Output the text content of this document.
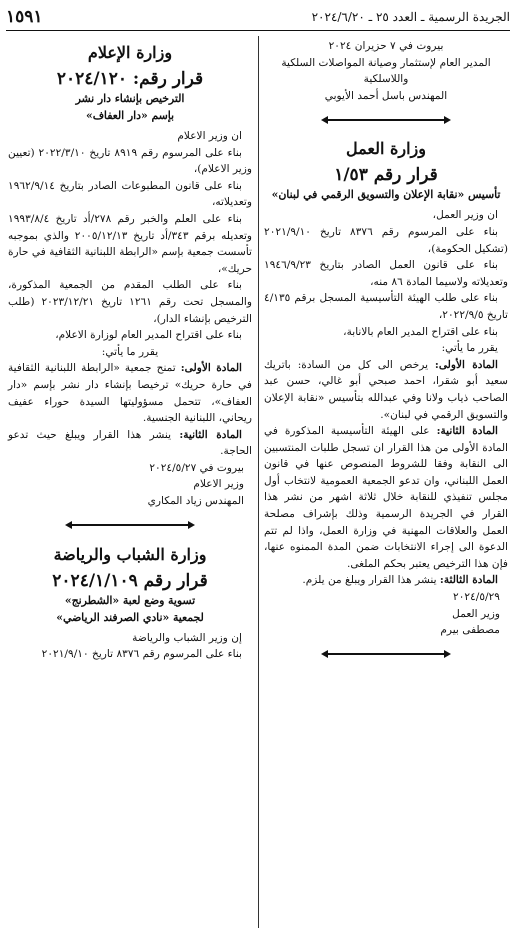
الجريدة الرسمية ـ العدد ٢٥ ـ ٢٠٢٤/٦/٢٠
١٥٩١

بيروت في ٧ حزيران ٢٠٢٤

المدير العام لإستثمار وصيانة المواصلات السلكية واللاسلكية

المهندس باسل أحمد الأيوبي

وزارة العمل

قرار رقم ١/٥٣

تأسيس «نقابة الإعلان والتسويق الرقمي في لبنان»

ان وزير العمل،

بناء على المرسوم رقم ٨٣٧٦ تاريخ ٢٠٢١/٩/١٠ (تشكيل الحكومة)،

بناء على قانون العمل الصادر بتاريخ ١٩٤٦/٩/٢٣ وتعديلاته ولاسيما المادة ٨٦ منه،

بناء على طلب الهيئة التأسيسية المسجل برقم ٤/١٣٥ تاريخ ٢٠٢٢/٩/٥،

بناء على اقتراح المدير العام بالانابة،

يقرر ما يأتي:

المادة الأولى: يرخص الى كل من السادة: باتريك سعيد أبو شقرا، احمد صبحي أبو غالي، حسن عبد الصاحب ذياب ولانا وفي عبدالله بتأسيس «نقابة الإعلان والتسويق الرقمي في لبنان».

المادة الثانية: على الهيئة التأسيسية المذكورة في المادة الأولى من هذا القرار ان تسجل طلبات المنتسبين الى النقابة وفقا للشروط المنصوص عنها في قانون العمل اللبناني، وان تدعو الجمعية العمومية لانتخاب أول مجلس تنفيذي للنقابة خلال ثلاثة اشهر من نشر هذا القرار في الجريدة الرسمية وذلك بإشراف مصلحة العمل والعلاقات المهنية في وزارة العمل، واذا لم تتم الدعوة الى إجراء الانتخابات ضمن المدة الممنوه عنها، فإن هذا الترخيص يعتبر بحكم الملغى.

المادة الثالثة: ينشر هذا القرار ويبلغ من يلزم.

٢٠٢٤/٥/٢٩

وزير العمل

مصطفى بيرم

وزارة الإعلام

قرار رقم: ٢٠٢٤/١٢٠

الترخيص بإنشاء دار نشر

بإسم «دار العفاف»

ان وزير الاعلام

بناء على المرسوم رقم ٨٩١٩ تاريخ ٢٠٢٢/٣/١٠ (تعيين وزير الاعلام)،

بناء على قانون المطبوعات الصادر بتاريخ ١٩٦٢/٩/١٤ وتعديلاته،

بناء على العلم والخبر رقم ٢٧٨/أد تاريخ ١٩٩٣/٨/٤ وتعديله برقم ٣٤٣/أد تاريخ ٢٠٠٥/١٢/١٣ والذي بموجبه تأسست جمعية بإسم «الرابطة اللبنانية الثقافية في حارة حريك»،

بناء على الطلب المقدم من الجمعية المذكورة، والمسجل تحت رقم ١٢٦١ تاريخ ٢٠٢٣/١٢/٢١ (طلب الترخيص بإنشاء الدار)،

بناء على اقتراح المدير العام لوزارة الاعلام،

يقرر ما يأتي:

المادة الأولى: تمنح جمعية «الرابطة اللبنانية الثقافية في حارة حريك» ترخيصا بإنشاء دار نشر بإسم «دار العفاف»، تتحمل مسؤوليتها السيدة حوراء عفيف ريحاني، اللبنانية الجنسية.

المادة الثانية: ينشر هذا القرار ويبلغ حيث تدعو الحاجة.

بيروت في ٢٠٢٤/٥/٢٧

وزير الاعلام

المهندس زياد المكاري

وزارة الشباب والرياضة

قرار رقم ٢٠٢٤/١/١٠٩

تسوية وضع لعبة «الشطرنج»

لجمعية «نادي الصرفند الرياضي»

إن وزير الشباب والرياضة

بناء على المرسوم رقم ٨٣٧٦ تاريخ ٢٠٢١/٩/١٠
